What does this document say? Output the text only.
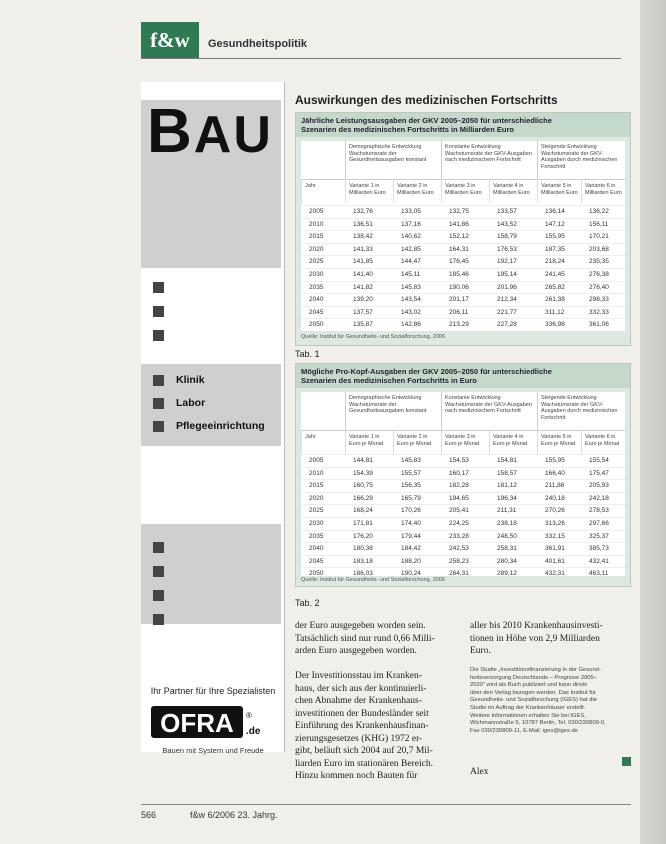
f&w	Gesundheitspolitik
BAU
Klinik
Labor
Pflegeeinrichtung
Ihr Partner für Ihre Spezialisten
OFRA ®
.de
Bauen mit System und Freude
Auswirkungen des medizinischen Fortschritts
Jährliche Leistungsausgaben der GKV 2005–2050 für unterschiedliche
Szenarien des medizinischen Fortschritts in Milliarden Euro
Demographische Entwicklung Wachstumsrate der Gesundheitsausgaben konstant
Konstante Entwicklung Wachstumsrate der GKV-Ausgaben nach medizinischem Fortschritt
Steigende Entwicklung Wachstumsrate der GKV-Ausgaben durch medizinischen Fortschritt
Jahr	Variante 1 in Milliarden Euro
Variante 2 in Milliarden Euro
Variante 3 in Milliarden Euro
Variante 4 in Milliarden Euro
Variante 5 in Milliarden Euro
Variante 6 in Milliarden Euro
2005	132,76	133,05	132,75	133,57	136,14	136,22
2010	136,51	137,16	141,86	143,52	147,12	156,11
2015	138,42	140,62	152,12	158,79	155,95	170,21
2020	141,33	142,85	164,31	176,53	187,35	203,68
2025	141,85	144,47	176,45	192,17	218,24	235,35
2030	141,40	145,11	185,46	195,14	241,45	276,38
2035	141,82	145,83	190,06	201,96	265,82	276,40
2040	139,20	143,54	201,17	212,34	261,38	298,33
2045	137,57	143,02	206,11	221,77	311,12	332,33
2050	135,87	142,86	213,29	227,28	336,98	361,06
Quelle: Institut für Gesundheits- und Sozialforschung, 2006
Tab. 1
Mögliche Pro-Kopf-Ausgaben der GKV 2005–2050 für unterschiedliche
Szenarien des medizinischen Fortschritts in Euro
Demographische Entwicklung Wachstumsrate der Gesundheitsausgaben konstant
Konstante Entwicklung Wachstumsrate der GKV-Ausgaben nach medizinischem Fortschritt
Steigende Entwicklung Wachstumsrate der GKV-Ausgaben durch medizinischen Fortschritt
Jahr	Variante 1 in Euro je Monat
Variante 2 in Euro je Monat
Variante 3 in Euro je Monat
Variante 4 in Euro je Monat
Variante 5 in Euro je Monat
Variante 6 in Euro je Monat
2005	144,81	145,83	154,53	154,81	155,95	155,54
2010	154,39	155,57	160,17	158,57	166,40	175,47
2015	160,75	156,35	182,28	181,12	211,86	205,93
2020	166,29	165,79	194,65	196,34	240,18	242,18
2025	168,24	170,26	205,41	211,31	270,26	278,53
2030	171,81	174,40	224,25	238,18	313,26	297,66
2035	176,20	179,44	233,28	248,50	332,15	325,37
2040	180,38	184,42	242,53	258,31	361,91	385,73
2045	183,18	188,20	258,23	280,34	401,61	432,41
2050	186,03	190,24	264,31	289,12	432,31	463,11
Quelle: Institut für Gesundheits- und Sozialforschung, 2006
Tab. 2
der Euro ausgegeben worden sein.
Tatsächlich sind nur rund 0,66 Milli-
arden Euro ausgegeben worden.

Der Investitionsstau im Kranken-
haus, der sich aus der kontinuierli-
chen Abnahme der Krankenhaus-
investitionen der Bundesländer seit
Einführung des Krankenhausfinan-
zierungsgesetzes (KHG) 1972 er-
gibt, beläuft sich 2004 auf 20,7 Mil-
liarden Euro im stationären Bereich.
Hinzu kommen noch Bauten für
aller bis 2010 Krankenhausinvesti-
tionen in Höhe von 2,9 Milliarden
Euro.
Die Studie „Investitionsfinanzierung in der Gesund-
heitsversorgung Deutschlands – Prognose 2005–
2020“ wird als Buch publiziert und kann direkt
über den Verlag bezogen werden. Das Institut für
Gesundheits- und Sozialforschung (IGES) hat die
Studie im Auftrag der Krankenhäuser erstellt.
Weitere Informationen erhalten Sie bei IGES,
Wichmannstraße 5, 10787 Berlin, Tel. 030/230809-0,
Fax 030/230809-11, E-Mail: iges@iges.de
Alex
566	f&w 6/2006 23. Jahrg.
